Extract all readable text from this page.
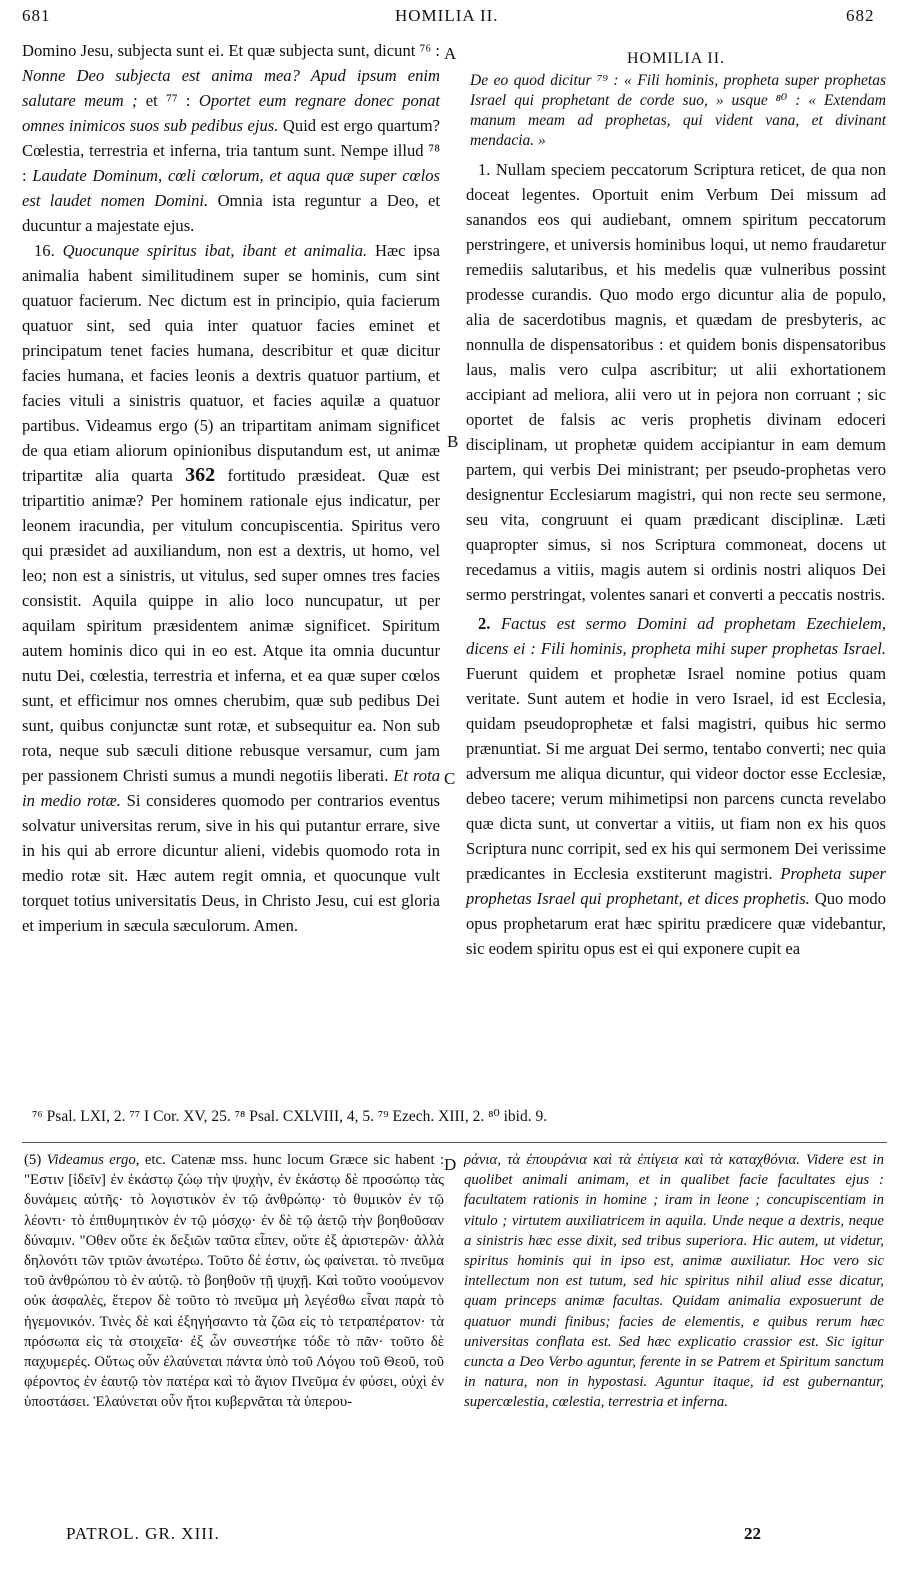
681	HOMILIA II.	682
A
B
C
D

Domino Jesu, subjecta sunt ei. Et quæ subjecta sunt, dicunt ⁷⁶ : Nonne Deo subjecta est anima mea? Apud ipsum enim salutare meum ; et ⁷⁷ : Oportet eum regnare donec ponat omnes inimicos suos sub pedibus ejus. Quid est ergo quartum? Cœlestia, terrestria et inferna, tria tantum sunt. Nempe illud ⁷⁸ : Laudate Dominum, cœli cœlorum, et aqua quæ super cœlos est laudet nomen Domini. Omnia ista reguntur a Deo, et ducuntur a majestate ejus.

16. Quocunque spiritus ibat, ibant et animalia. Hæc ipsa animalia habent similitudinem super se hominis, cum sint quatuor facierum. Nec dictum est in principio, quia facierum quatuor sint, sed quia inter quatuor facies eminet et principatum tenet facies humana, describitur et quæ dicitur facies humana, et facies leonis a dextris quatuor partium, et facies vituli a sinistris quatuor, et facies aquilæ a quatuor partibus. Videamus ergo (5) an tripartitam animam significet de qua etiam aliorum opinionibus disputandum est, ut animæ tripartitæ alia quarta 362 fortitudo præsideat. Quæ est tripartitio animæ? Per hominem rationale ejus indicatur, per leonem iracundia, per vitulum concupiscentia. Spiritus vero qui præsidet ad auxiliandum, non est a dextris, ut homo, vel leo; non est a sinistris, ut vitulus, sed super omnes tres facies consistit. Aquila quippe in alio loco nuncupatur, ut per aquilam spiritum præsidentem animæ significet. Spiritum autem hominis dico qui in eo est. Atque ita omnia ducuntur nutu Dei, cœlestia, terrestria et inferna, et ea quæ super cœlos sunt, et efficimur nos omnes cherubim, quæ sub pedibus Dei sunt, quibus conjunctæ sunt rotæ, et subsequitur ea. Non sub rota, neque sub sæculi ditione rebusque versamur, cum jam per passionem Christi sumus a mundi negotiis liberati. Et rota in medio rotæ. Si consideres quomodo per contrarios eventus solvatur universitas rerum, sive in his qui putantur errare, sive in his qui ab errore dicuntur alieni, videbis quomodo rota in medio rotæ sit. Hæc autem regit omnia, et quocunque vult torquet totius universitatis Deus, in Christo Jesu, cui est gloria et imperium in sæcula sæculorum. Amen.

HOMILIA II.
De eo quod dicitur ⁷⁹ : « Fili hominis, propheta super prophetas Israel qui prophetant de corde suo, » usque ⁸⁰ : « Extendam manum meam ad prophetas, qui vident vana, et divinant mendacia. »

1. Nullam speciem peccatorum Scriptura reticet, de qua non doceat legentes. Oportuit enim Verbum Dei missum ad sanandos eos qui audiebant, omnem spiritum peccatorum perstringere, et universis hominibus loqui, ut nemo fraudaretur remediis salutaribus, et his medelis quæ vulneribus possint prodesse curandis. Quo modo ergo dicuntur alia de populo, alia de sacerdotibus magnis, et quædam de presbyteris, ac nonnulla de dispensatoribus : et quidem bonis dispensatoribus laus, malis vero culpa ascribitur; ut alii exhortationem accipiant ad meliora, alii vero ut in pejora non corruant ; sic oportet de falsis ac veris prophetis divinam edoceri disciplinam, ut prophetæ quidem accipiantur in eam demum partem, qui verbis Dei ministrant; per pseudo-prophetas vero designentur Ecclesiarum magistri, qui non recte seu sermone, seu vita, congruunt ei quam prædicant disciplinæ. Læti quapropter simus, si nos Scriptura commoneat, docens ut recedamus a vitiis, magis autem si ordinis nostri aliquos Dei sermo perstringat, volentes sanari et converti a peccatis nostris.

2. Factus est sermo Domini ad prophetam Ezechielem, dicens ei : Fili hominis, propheta mihi super prophetas Israel. Fuerunt quidem et prophetæ Israel nomine potius quam veritate. Sunt autem et hodie in vero Israel, id est Ecclesia, quidam pseudoprophetæ et falsi magistri, quibus hic sermo prænuntiat. Si me arguat Dei sermo, tentabo converti; nec quia adversum me aliqua dicuntur, qui videor doctor esse Ecclesiæ, debeo tacere; verum mihimetipsi non parcens cuncta revelabo quæ dicta sunt, ut convertar a vitiis, ut fiam non ex his quos Scriptura nunc corripit, sed ex his qui sermonem Dei verissime prædicantes in Ecclesia exstiterunt magistri. Propheta super prophetas Israel qui prophetant, et dices prophetis. Quo modo opus prophetarum erat hæc spiritu prædicere quæ videbantur, sic eodem spiritu opus est ei qui exponere cupit ea

⁷⁶ Psal. LXI, 2. ⁷⁷ I Cor. XV, 25. ⁷⁸ Psal. CXLVIII, 4, 5. ⁷⁹ Ezech. XIII, 2. ⁸⁰ ibid. 9.
(5) Videamus ergo, etc. Catenæ mss. hunc locum Græce sic habent : "Εστιν [ἰδεῖν] ἐν ἑκάστῳ ζώῳ τὴν ψυχὴν, ἐν ἑκάστῳ δὲ προσώπῳ τὰς δυνάμεις αὐτῆς· τὸ λογιστικὸν ἐν τῷ ἀνθρώπῳ· τὸ θυμικὸν ἐν τῷ λέοντι· τὸ ἐπιθυμητικὸν ἐν τῷ μόσχῳ· ἐν δὲ τῷ ἀετῷ τὴν βοηθοῦσαν δύναμιν. "Οθεν οὔτε ἐκ δεξιῶν ταῦτα εἶπεν, οὔτε ἐξ ἀριστερῶν· ἀλλὰ δηλονότι τῶν τριῶν ἀνωτέρω. Τοῦτο δέ ἐστιν, ὡς φαίνεται. τὸ πνεῦμα τοῦ ἀνθρώπου τὸ ἐν αὐτῷ. τὸ βοηθοῦν τῇ ψυχῇ. Καὶ τοῦτο νοούμενον οὐκ ἀσφαλὲς, ἕτερον δὲ τοῦτο τὸ πνεῦμα μὴ λεγέσθω εἶναι παρὰ τὸ ἡγεμονικόν. Τινὲς δὲ καὶ ἐξηγήσαντο τὰ ζῶα εἰς τὸ τετραπέρατον· τὰ πρόσωπα εἰς τὰ στοιχεῖα· ἐξ ὧν συνεστήκε τόδε τὸ πᾶν· τοῦτο δὲ παχυμερές. Οὕτως οὖν ἐλαύνεται πάντα ὑπὸ τοῦ Λόγου τοῦ Θεοῦ, τοῦ φέροντος ἐν ἑαυτῷ τὸν πατέρα καὶ τὸ ἅγιον Πνεῦμα ἐν φύσει, οὐχὶ ἐν ὑποστάσει. Ἐλαύνεται οὖν ἤτοι κυβερνᾶται τὰ ὑπερου-
ράνια, τὰ ἐπουράνια καὶ τὰ ἐπίγεια καὶ τὰ καταχθόνια. Videre est in quolibet animali animam, et in qualibet facie facultates ejus : facultatem rationis in homine ; iram in leone ; concupiscentiam in vitulo ; virtutem auxiliatricem in aquila. Unde neque a dextris, neque a sinistris hæc esse dixit, sed tribus superiora. Hic autem, ut videtur, spiritus hominis qui in ipso est, animæ auxiliatur. Hoc vero sic intellectum non est tutum, sed hic spiritus nihil aliud esse dicatur, quam princeps animæ facultas. Quidam animalia exposuerunt de quatuor mundi finibus; facies de elementis, e quibus rerum hæc universitas conflata est. Sed hæc explicatio crassior est. Sic igitur cuncta a Deo Verbo aguntur, ferente in se Patrem et Spiritum sanctum in natura, non in hypostasi. Aguntur itaque, id est gubernantur, supercœlestia, cœlestia, terrestria et inferna.
PATROL. GR. XIII.	22
